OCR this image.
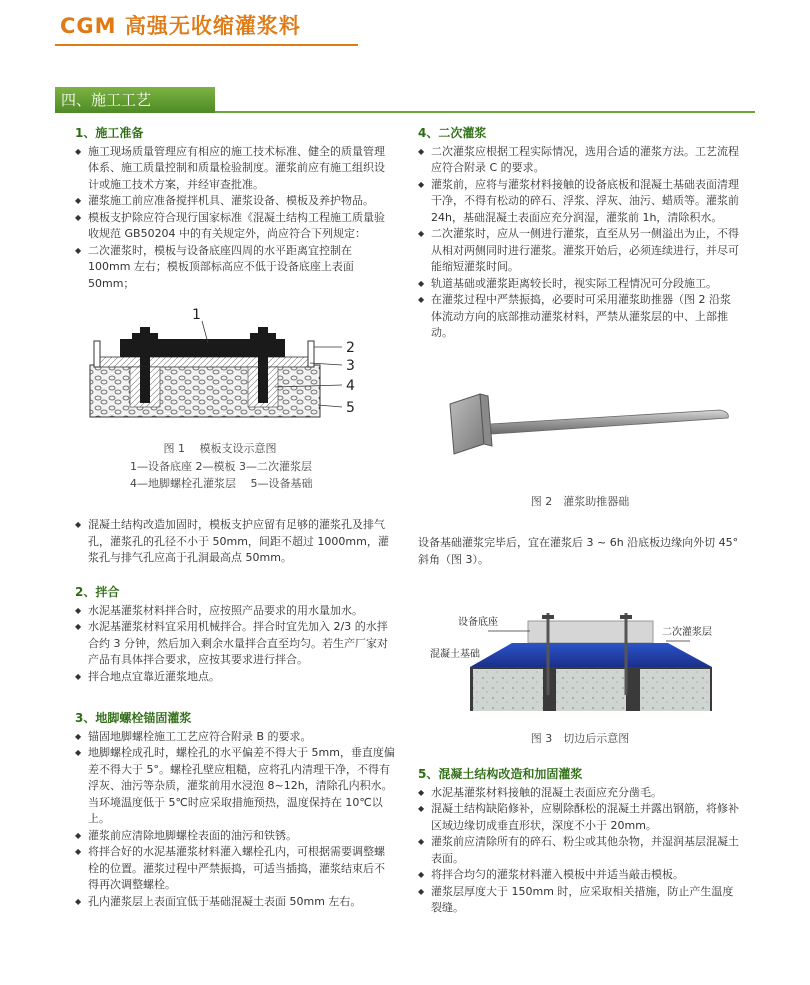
CGM 高强无收缩灌浆料
四、施工工艺
1、施工准备
◆ 施工现场质量管理应有相应的施工技术标准、健全的质量管理体系、施工质量控制和质量检验制度。灌浆前应有施工组织设计或施工技术方案，并经审查批准。
◆ 灌浆施工前应准备搅拌机具、灌浆设备、模板及养护物品。
◆ 模板支护除应符合现行国家标准《混凝土结构工程施工质量验收规范 GB50204 中的有关规定外，尚应符合下列规定：
◆ 二次灌浆时，模板与设备底座四周的水平距离宜控制在 100mm 左右；模板顶部标高应不低于设备底座上表面 50mm；
1
2
3
4
5
图 1　 模板支设示意图
1—设备底座 2—模板 3—二次灌浆层
4—地脚螺栓孔灌浆层　 5—设备基础
◆ 混凝土结构改造加固时，模板支护应留有足够的灌浆孔及排气孔，灌浆孔的孔径不小于 50mm，间距不超过 1000mm，灌浆孔与排气孔应高于孔洞最高点 50mm。
2、拌合
◆ 水泥基灌浆材料拌合时，应按照产品要求的用水量加水。
◆ 水泥基灌浆材料宜采用机械拌合。拌合时宜先加入 2/3 的水拌合约 3 分钟，然后加入剩余水量拌合直至均匀。若生产厂家对产品有具体拌合要求，应按其要求进行拌合。
◆ 拌合地点宜靠近灌浆地点。
3、地脚螺栓锚固灌浆
◆ 锚固地脚螺栓施工工艺应符合附录 B 的要求。
◆ 地脚螺栓成孔时，螺栓孔的水平偏差不得大于 5mm，垂直度偏差不得大于 5°。螺栓孔壁应粗糙，应将孔内清理干净，不得有浮灰、油污等杂质，灌浆前用水浸泡 8~12h，清除孔内积水。当环境温度低于 5℃时应采取措施预热，温度保持在 10℃以上。
◆ 灌浆前应清除地脚螺栓表面的油污和铁锈。
◆ 将拌合好的水泥基灌浆材料灌入螺栓孔内，可根据需要调整螺栓的位置。灌浆过程中严禁振捣，可适当插捣，灌浆结束后不得再次调整螺栓。
◆ 孔内灌浆层上表面宜低于基础混凝土表面 50mm 左右。
4、二次灌浆
◆ 二次灌浆应根据工程实际情况，选用合适的灌浆方法。工艺流程应符合附录 C 的要求。
◆ 灌浆前，应将与灌浆材料接触的设备底板和混凝土基础表面清理干净，不得有松动的碎石、浮浆、浮灰、油污、蜡质等。灌浆前 24h，基础混凝土表面应充分润湿，灌浆前 1h，清除积水。
◆ 二次灌浆时，应从一侧进行灌浆，直至从另一侧溢出为止，不得从相对两侧同时进行灌浆。灌浆开始后，必须连续进行，并尽可能缩短灌浆时间。
◆ 轨道基础或灌浆距离较长时，视实际工程情况可分段施工。
◆ 在灌浆过程中严禁振捣，必要时可采用灌浆助推器（图 2 沿浆体流动方向的底部推动灌浆材料，严禁从灌浆层的中、上部推动。
图 2　灌浆助推器础
设备基础灌浆完毕后，宜在灌浆后 3 ~ 6h 沿底板边缘向外切 45° 斜角（图 3）。
设备底座
混凝土基础
二次灌浆层
图 3　切边后示意图
5、混凝土结构改造和加固灌浆
◆ 水泥基灌浆材料接触的混凝土表面应充分凿毛。
◆ 混凝土结构缺陷修补，应剔除酥松的混凝土并露出钢筋，将修补区域边缘切成垂直形状，深度不小于 20mm。
◆ 灌浆前应清除所有的碎石、粉尘或其他杂物，并湿润基层混凝土表面。
◆ 将拌合均匀的灌浆材料灌入模板中并适当敲击模板。
◆ 灌浆层厚度大于 150mm 时，应采取相关措施，防止产生温度裂缝。
